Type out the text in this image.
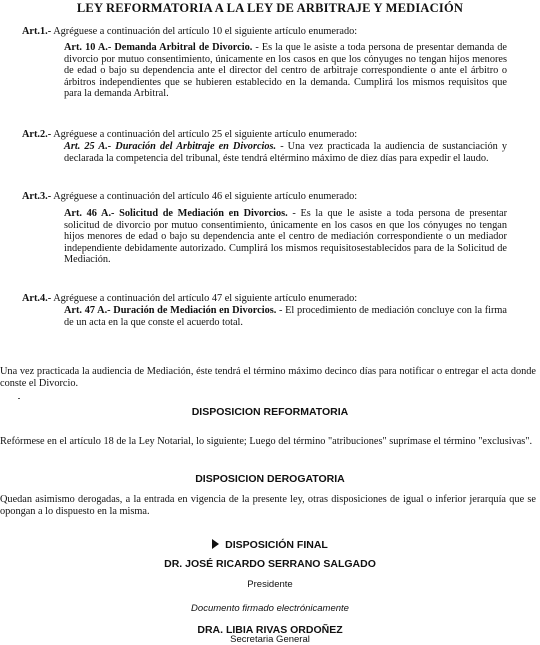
LEY REFORMATORIA A LA LEY DE ARBITRAJE Y MEDIACIÓN
Art.1.- Agréguese a continuación del artículo 10 el siguiente artículo enumerado:
Art. 10 A.- Demanda Arbitral de Divorcio. - Es la que le asiste a toda persona de presentar demanda de divorcio por mutuo consentimiento, únicamente en los casos en que los cónyuges no tengan hijos menores de edad o bajo su dependencia ante el director del centro de arbitraje correspondiente o ante el árbitro o árbitros independientes que se hubieren establecido en la demanda. Cumplirá los mismos requisitos que para la demanda Arbitral.
Art.2.- Agréguese a continuación del artículo 25 el siguiente artículo enumerado:
Art. 25 A.- Duración del Arbitraje en Divorcios. - Una vez practicada la audiencia de sustanciación y declarada la competencia del tribunal, éste tendrá eltérmino máximo de diez días para expedir el laudo.
Art.3.- Agréguese a continuación del artículo 46 el siguiente artículo enumerado:
Art. 46 A.- Solicitud de Mediación en Divorcios. - Es la que le asiste a toda persona de presentar solicitud de divorcio por mutuo consentimiento, únicamente en los casos en que los cónyuges no tengan hijos menores de edad o bajo su dependencia ante el centro de mediación correspondiente o un mediador independiente debidamente autorizado. Cumplirá los mismos requisitosestablecidos para de la Solicitud de Mediación.
Art.4.- Agréguese a continuación del artículo 47 el siguiente artículo enumerado:
Art. 47 A.- Duración de Mediación en Divorcios. - El procedimiento de mediación concluye con la firma de un acta en la que conste el acuerdo total.
Una vez practicada la audiencia de Mediación, éste tendrá el término máximo decinco días para notificar o entregar el acta donde conste el Divorcio.
DISPOSICION REFORMATORIA
Refórmese en el artículo 18 de la Ley Notarial, lo siguiente; Luego del término "atribuciones" suprímase el término "exclusivas".
DISPOSICION DEROGATORIA
Quedan asimismo derogadas, a la entrada en vigencia de la presente ley, otras disposiciones de igual o inferior jerarquía que se opongan a lo dispuesto en la misma.
DISPOSICIÓN FINAL
DR. JOSÉ RICARDO SERRANO SALGADO
Presidente
Documento firmado electrónicamente
DRA. LIBIA RIVAS ORDOÑEZ
Secretaria General
